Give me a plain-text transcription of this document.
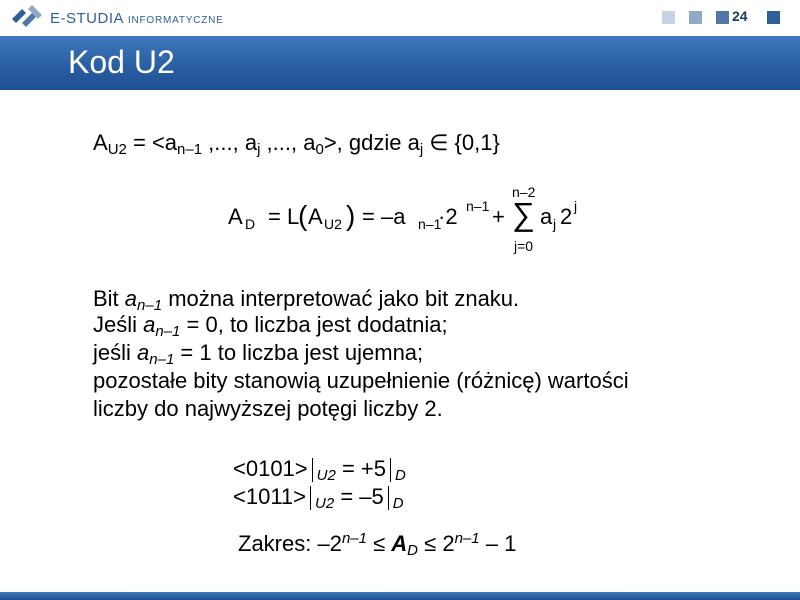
E-STUDIA INFORMATYCZNE	24
Kod U2
$A_{U2} = <a_{n-1}$ ,..., $a_j$ ,..., $a_0>$, gdzie $a_j$ ∈ {0,1}
A D = L
( A U2 ) = –a n–1
·2 n–1 +
n–2
∑
j=0
a j 2 j
Bit $a_{n-1}$ można interpretować jako bit znaku.
Jeśli $a_{n-1} = 0$, to liczba jest dodatnia;
jeśli $a_{n-1} = 1$ to liczba jest ujemna;
pozostałe bity stanowią uzupełnienie (różnicę) wartości
liczby do najwyższej potęgi liczby 2.
<0101> $_{U2}$ = +5 $_D$
<1011> $_{U2}$ = –5 $_D$
Zakres: $-2^{n-1} \le A_D \le 2^{n-1} - 1$
